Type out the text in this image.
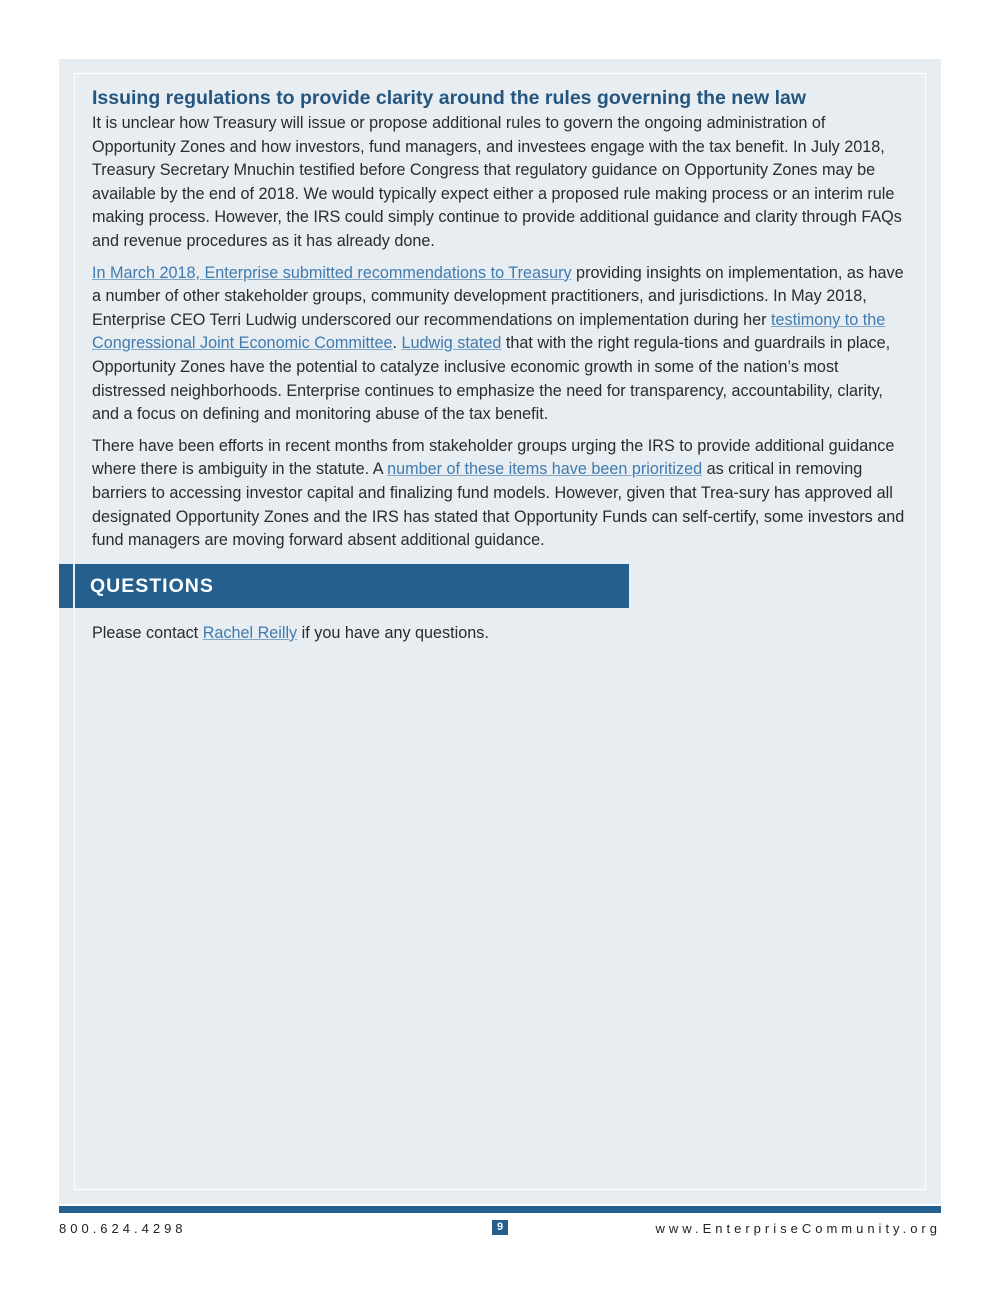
Issuing regulations to provide clarity around the rules governing the new law

It is unclear how Treasury will issue or propose additional rules to govern the ongoing administration of Opportunity Zones and how investors, fund managers, and investees engage with the tax benefit. In July 2018, Treasury Secretary Mnuchin testified before Congress that regulatory guidance on Opportunity Zones may be available by the end of 2018. We would typically expect either a proposed rule making process or an interim rule making process. However, the IRS could simply continue to provide additional guidance and clarity through FAQs and revenue procedures as it has already done.

In March 2018, Enterprise submitted recommendations to Treasury providing insights on implementation, as have a number of other stakeholder groups, community development practitioners, and jurisdictions. In May 2018, Enterprise CEO Terri Ludwig underscored our recommendations on implementation during her testimony to the Congressional Joint Economic Committee. Ludwig stated that with the right regula-tions and guardrails in place, Opportunity Zones have the potential to catalyze inclusive economic growth in some of the nation’s most distressed neighborhoods. Enterprise continues to emphasize the need for transparency, accountability, clarity, and a focus on defining and monitoring abuse of the tax benefit.

There have been efforts in recent months from stakeholder groups urging the IRS to provide additional guidance where there is ambiguity in the statute. A number of these items have been prioritized as critical in removing barriers to accessing investor capital and finalizing fund models. However, given that Trea-sury has approved all designated Opportunity Zones and the IRS has stated that Opportunity Funds can self-certify, some investors and fund managers are moving forward absent additional guidance.

QUESTIONS

Please contact Rachel Reilly if you have any questions.

800.624.4298	9	www.EnterpriseCommunity.org
